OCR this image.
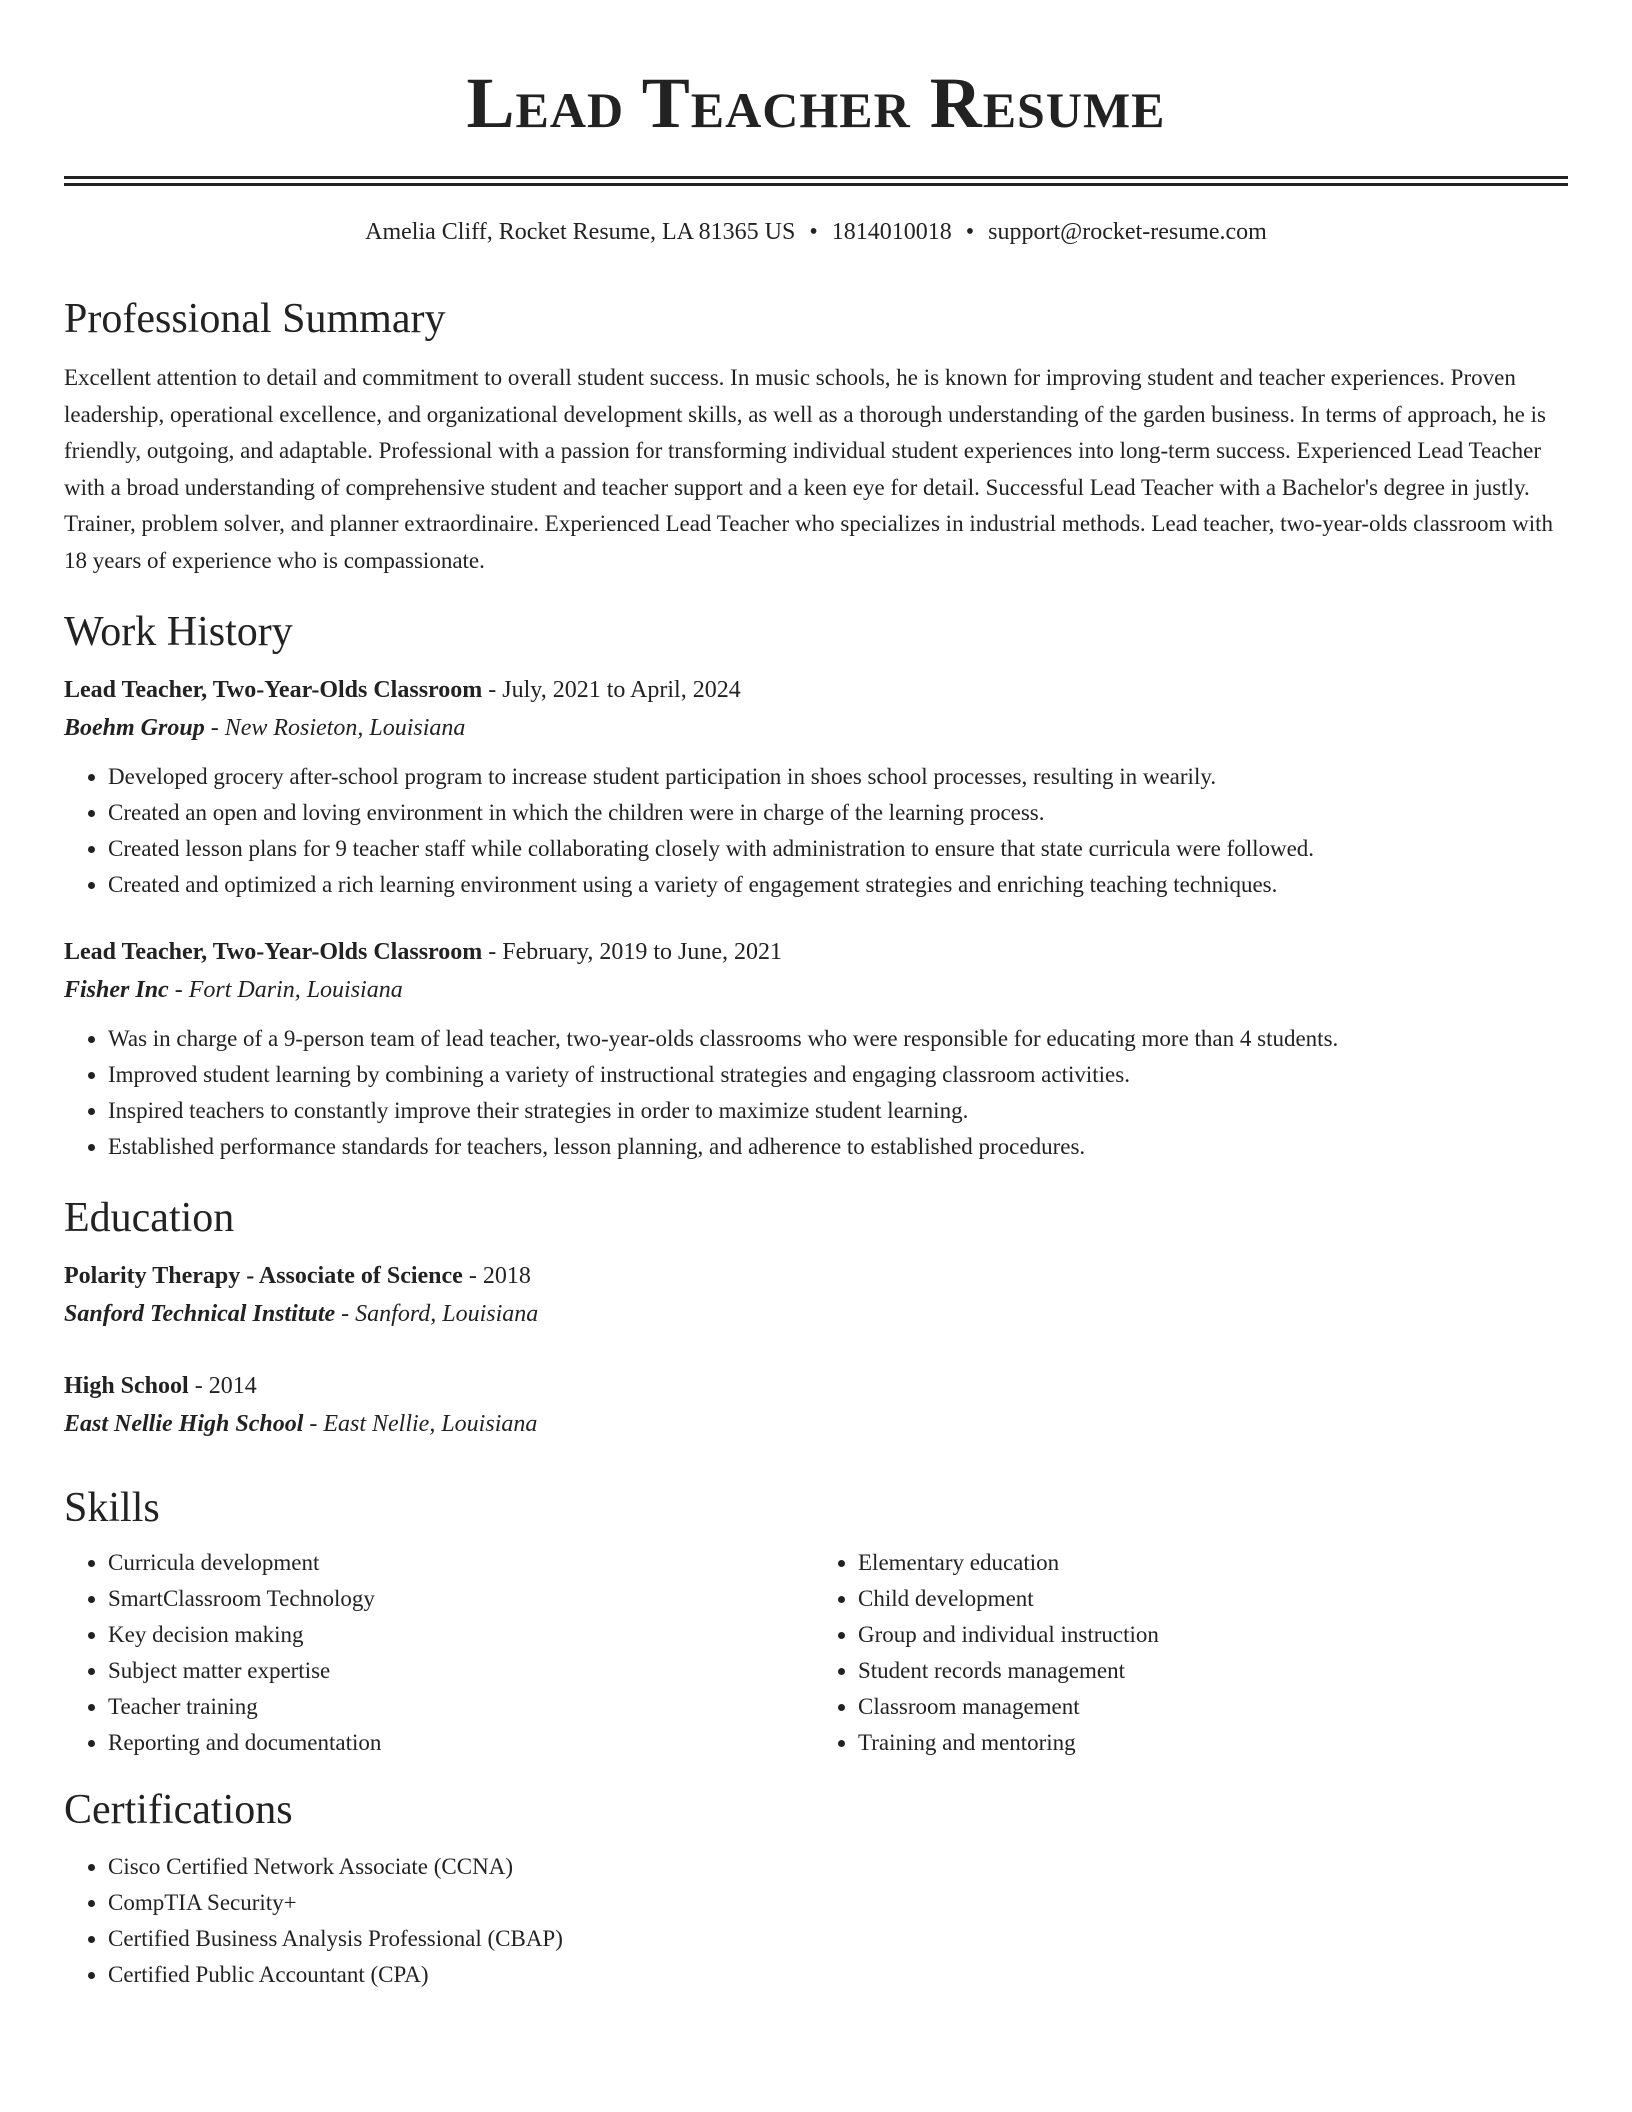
Lead Teacher Resume
Amelia Cliff, Rocket Resume, LA 81365 US • 1814010018 • support@rocket-resume.com
Professional Summary

Excellent attention to detail and commitment to overall student success. In music schools, he is known for improving student and teacher experiences. Proven leadership, operational excellence, and organizational development skills, as well as a thorough understanding of the garden business. In terms of approach, he is friendly, outgoing, and adaptable. Professional with a passion for transforming individual student experiences into long-term success. Experienced Lead Teacher with a broad understanding of comprehensive student and teacher support and a keen eye for detail. Successful Lead Teacher with a Bachelor's degree in justly. Trainer, problem solver, and planner extraordinaire. Experienced Lead Teacher who specializes in industrial methods. Lead teacher, two-year-olds classroom with 18 years of experience who is compassionate.

Work History
Lead Teacher, Two-Year-Olds Classroom - July, 2021 to April, 2024
Boehm Group - New Rosieton, Louisiana
• Developed grocery after-school program to increase student participation in shoes school processes, resulting in wearily.
• Created an open and loving environment in which the children were in charge of the learning process.
• Created lesson plans for 9 teacher staff while collaborating closely with administration to ensure that state curricula were followed.
• Created and optimized a rich learning environment using a variety of engagement strategies and enriching teaching techniques.
Lead Teacher, Two-Year-Olds Classroom - February, 2019 to June, 2021
Fisher Inc - Fort Darin, Louisiana
• Was in charge of a 9-person team of lead teacher, two-year-olds classrooms who were responsible for educating more than 4 students.
• Improved student learning by combining a variety of instructional strategies and engaging classroom activities.
• Inspired teachers to constantly improve their strategies in order to maximize student learning.
• Established performance standards for teachers, lesson planning, and adherence to established procedures.
Education
Polarity Therapy - Associate of Science - 2018
Sanford Technical Institute - Sanford, Louisiana
High School - 2014
East Nellie High School - East Nellie, Louisiana
Skills
• Curricula development
• SmartClassroom Technology
• Key decision making
• Subject matter expertise
• Teacher training
• Reporting and documentation
• Elementary education
• Child development
• Group and individual instruction
• Student records management
• Classroom management
• Training and mentoring
Certifications
• Cisco Certified Network Associate (CCNA)
• CompTIA Security+
• Certified Business Analysis Professional (CBAP)
• Certified Public Accountant (CPA)
